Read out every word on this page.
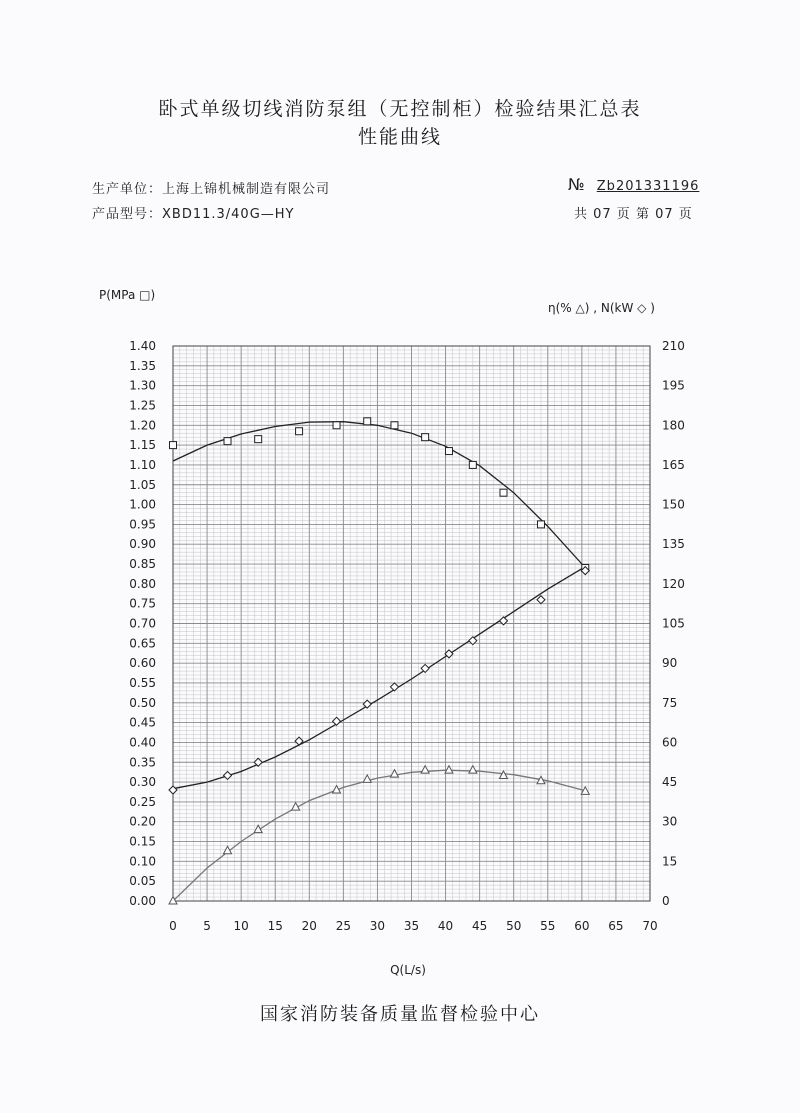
卧式单级切线消防泵组（无控制柜）检验结果汇总表
性能曲线
生产单位：上海上锦机械制造有限公司
产品型号：XBD11.3/40G—HY
№ Zb201331196
共 07 页 第 07 页
P(MPa □)
η(% △) , N(kW ◇ )
0.00
0.05
0.10
0.15
0.20
0.25
0.30
0.35
0.40
0.45
0.50
0.55
0.60
0.65
0.70
0.75
0.80
0.85
0.90
0.95
1.00
1.05
1.10
1.15
1.20
1.25
1.30
1.35
1.40
0
15
30
45
60
75
90
105
120
135
150
165
180
195
210
0 5 10 15 20 25 30 35 40 45 50 55 60 65 70
Q(L/s)
国家消防装备质量监督检验中心
